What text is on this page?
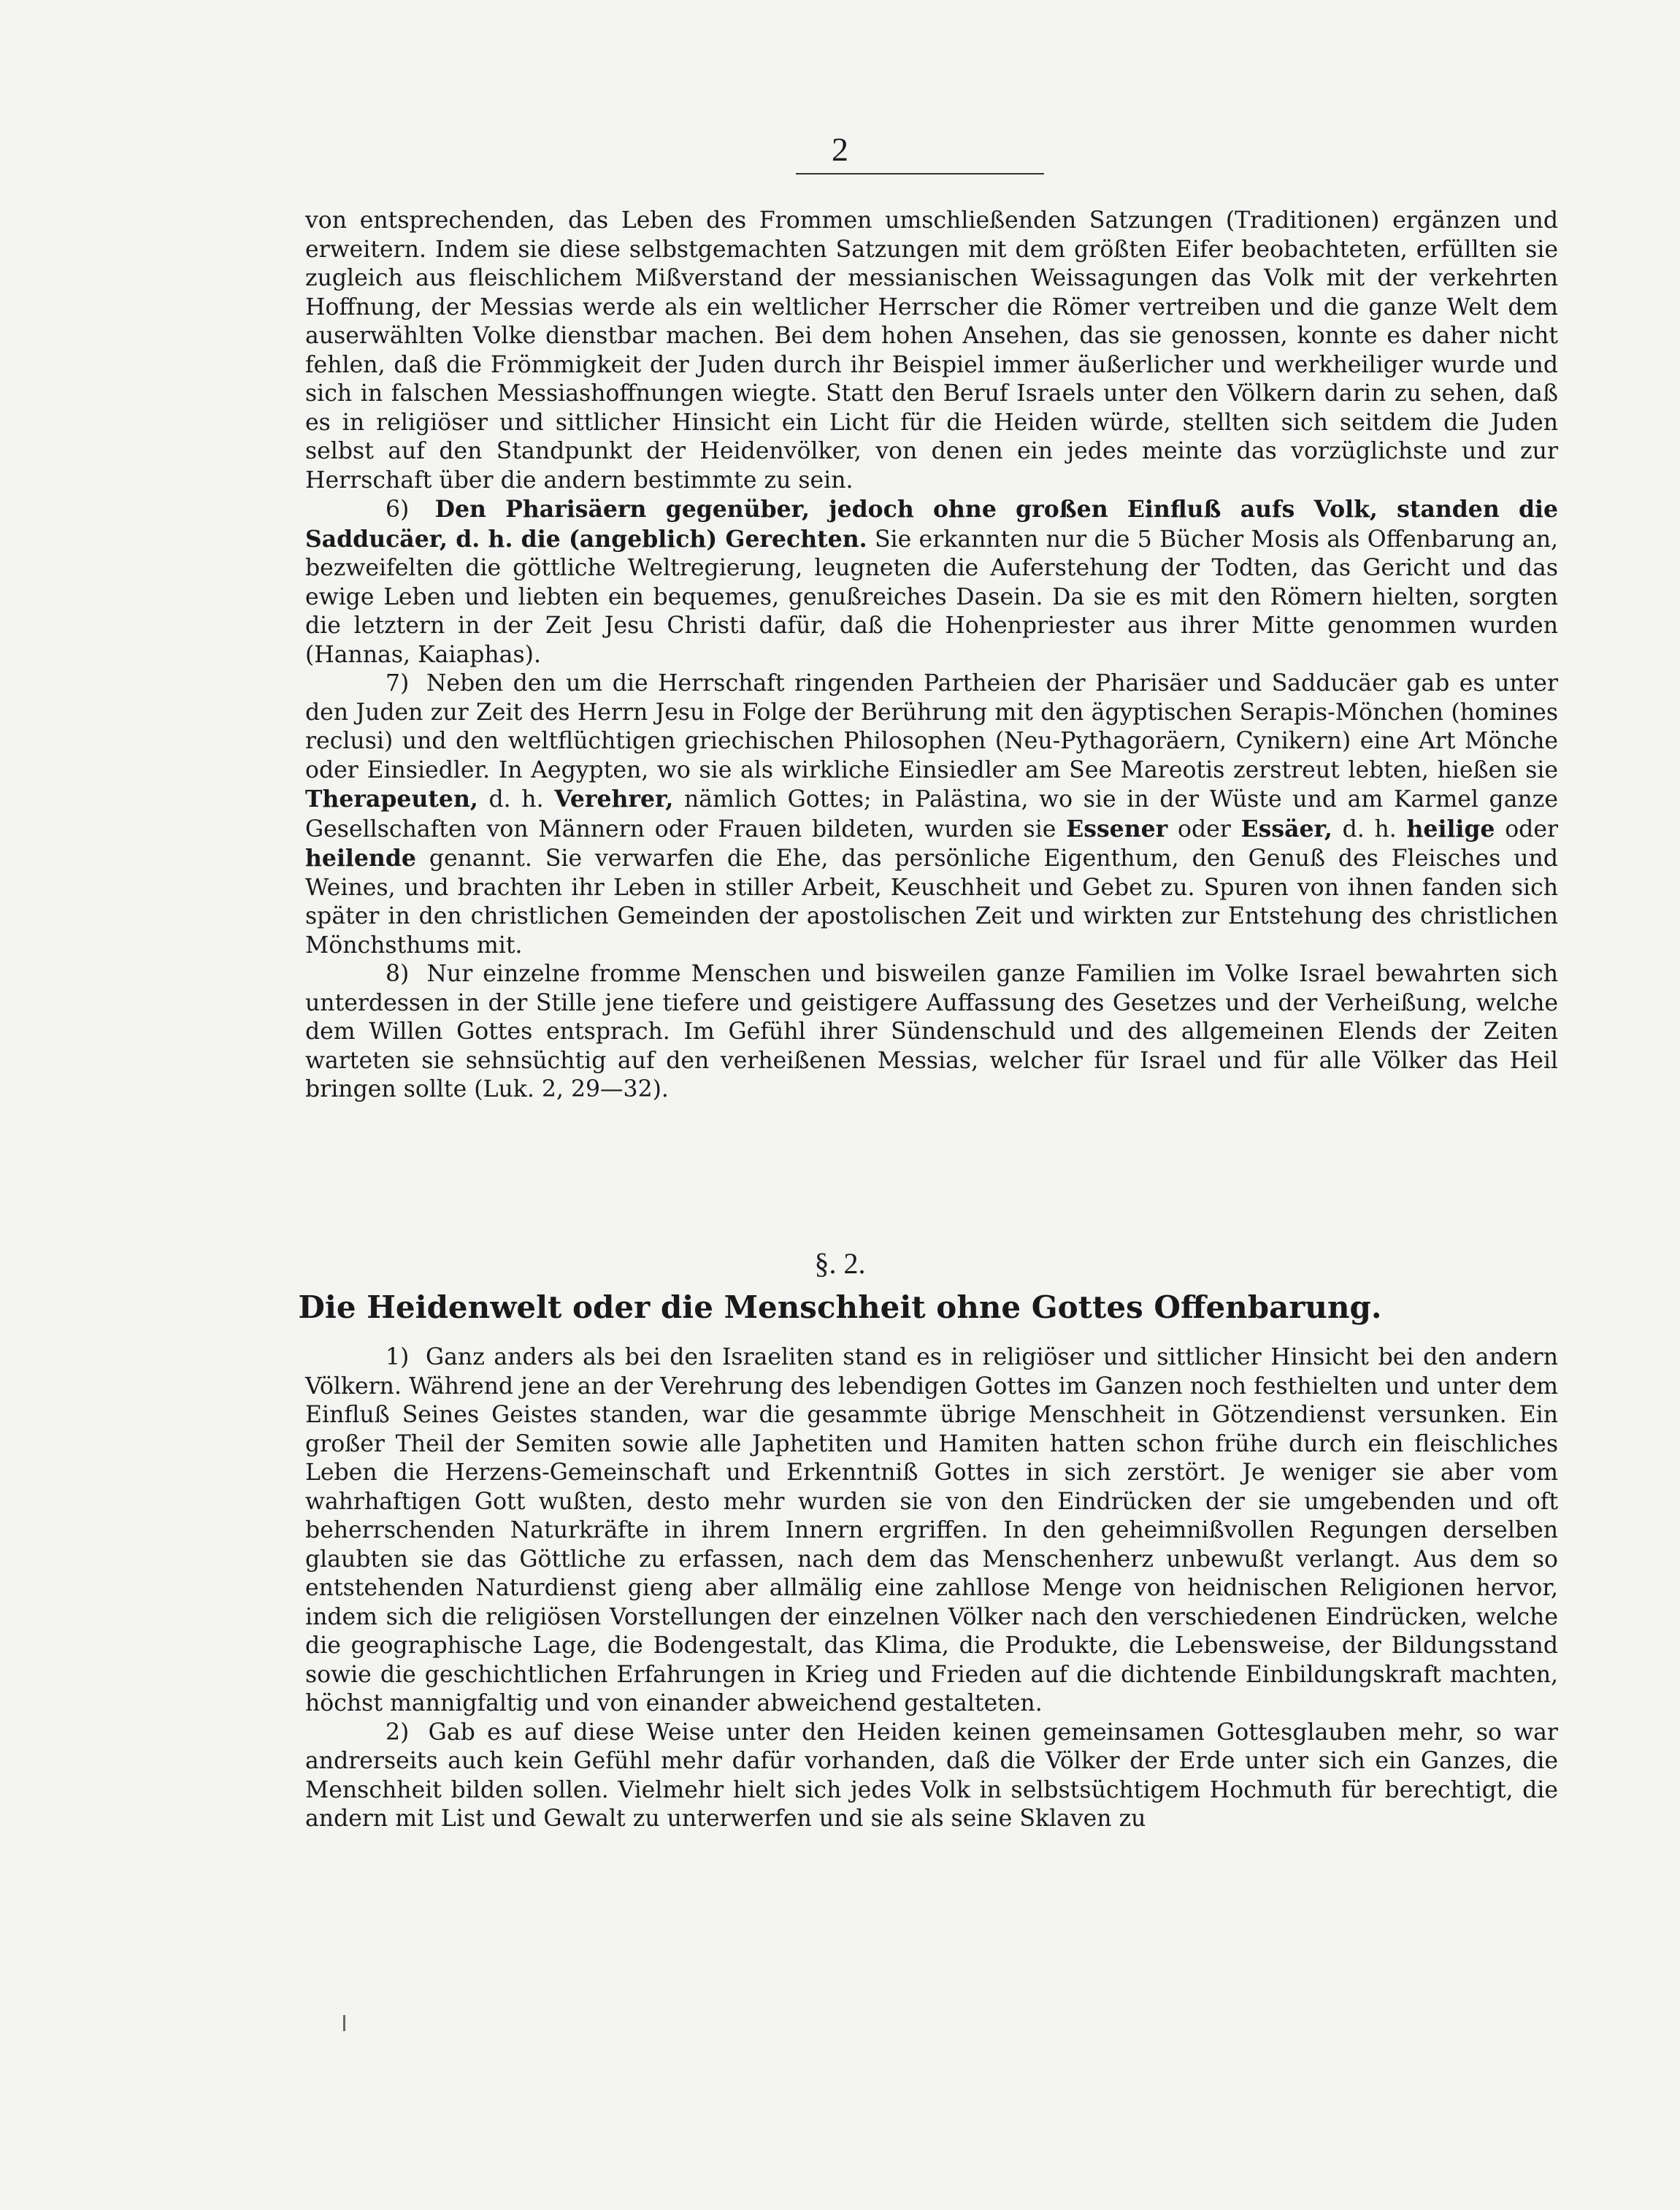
2

von entsprechenden, das Leben des Frommen umschließenden Satzungen (Traditionen) ergänzen und erweitern. Indem sie diese selbstgemachten Satzungen mit dem größten Eifer beobachteten, erfüllten sie zugleich aus fleischlichem Mißverstand der messianischen Weissagungen das Volk mit der verkehrten Hoffnung, der Messias werde als ein weltlicher Herrscher die Römer vertreiben und die ganze Welt dem auserwählten Volke dienstbar machen. Bei dem hohen Ansehen, das sie genossen, konnte es daher nicht fehlen, daß die Frömmigkeit der Juden durch ihr Beispiel immer äußerlicher und werkheiliger wurde und sich in falschen Messiashoffnungen wiegte. Statt den Beruf Israels unter den Völkern darin zu sehen, daß es in religiöser und sittlicher Hinsicht ein Licht für die Heiden würde, stellten sich seitdem die Juden selbst auf den Standpunkt der Heidenvölker, von denen ein jedes meinte das vorzüglichste und zur Herrschaft über die andern bestimmte zu sein.

6) Den Pharisäern gegenüber, jedoch ohne großen Einfluß aufs Volk, standen die Sadducäer, d. h. die (angeblich) Gerechten. Sie erkannten nur die 5 Bücher Mosis als Offenbarung an, bezweifelten die göttliche Weltregierung, leugneten die Auferstehung der Todten, das Gericht und das ewige Leben und liebten ein bequemes, genußreiches Dasein. Da sie es mit den Römern hielten, sorgten die letztern in der Zeit Jesu Christi dafür, daß die Hohenpriester aus ihrer Mitte genommen wurden (Hannas, Kaiaphas).

7) Neben den um die Herrschaft ringenden Partheien der Pharisäer und Sadducäer gab es unter den Juden zur Zeit des Herrn Jesu in Folge der Berührung mit den ägyptischen Serapis-Mönchen (homines reclusi) und den weltflüchtigen griechischen Philosophen (Neu-Pythagoräern, Cynikern) eine Art Mönche oder Einsiedler. In Aegypten, wo sie als wirkliche Einsiedler am See Mareotis zerstreut lebten, hießen sie Therapeuten, d. h. Verehrer, nämlich Gottes; in Palästina, wo sie in der Wüste und am Karmel ganze Gesellschaften von Männern oder Frauen bildeten, wurden sie Essener oder Essäer, d. h. heilige oder heilende genannt. Sie verwarfen die Ehe, das persönliche Eigenthum, den Genuß des Fleisches und Weines, und brachten ihr Leben in stiller Arbeit, Keuschheit und Gebet zu. Spuren von ihnen fanden sich später in den christlichen Gemeinden der apostolischen Zeit und wirkten zur Entstehung des christlichen Mönchsthums mit.

8) Nur einzelne fromme Menschen und bisweilen ganze Familien im Volke Israel bewahrten sich unterdessen in der Stille jene tiefere und geistigere Auffassung des Gesetzes und der Verheißung, welche dem Willen Gottes entsprach. Im Gefühl ihrer Sündenschuld und des allgemeinen Elends der Zeiten warteten sie sehnsüchtig auf den verheißenen Messias, welcher für Israel und für alle Völker das Heil bringen sollte (Luk. 2, 29—32).

§. 2.
Die Heidenwelt oder die Menschheit ohne Gottes Offenbarung.

1) Ganz anders als bei den Israeliten stand es in religiöser und sittlicher Hinsicht bei den andern Völkern. Während jene an der Verehrung des lebendigen Gottes im Ganzen noch festhielten und unter dem Einfluß Seines Geistes standen, war die gesammte übrige Menschheit in Götzendienst versunken. Ein großer Theil der Semiten sowie alle Japhetiten und Hamiten hatten schon frühe durch ein fleischliches Leben die Herzens-Gemeinschaft und Erkenntniß Gottes in sich zerstört. Je weniger sie aber vom wahrhaftigen Gott wußten, desto mehr wurden sie von den Eindrücken der sie umgebenden und oft beherrschenden Naturkräfte in ihrem Innern ergriffen. In den geheimnißvollen Regungen derselben glaubten sie das Göttliche zu erfassen, nach dem das Menschenherz unbewußt verlangt. Aus dem so entstehenden Naturdienst gieng aber allmälig eine zahllose Menge von heidnischen Religionen hervor, indem sich die religiösen Vorstellungen der einzelnen Völker nach den verschiedenen Eindrücken, welche die geographische Lage, die Bodengestalt, das Klima, die Produkte, die Lebensweise, der Bildungsstand sowie die geschichtlichen Erfahrungen in Krieg und Frieden auf die dichtende Einbildungskraft machten, höchst mannigfaltig und von einander abweichend gestalteten.

2) Gab es auf diese Weise unter den Heiden keinen gemeinsamen Gottesglauben mehr, so war andrerseits auch kein Gefühl mehr dafür vorhanden, daß die Völker der Erde unter sich ein Ganzes, die Menschheit bilden sollen. Vielmehr hielt sich jedes Volk in selbstsüchtigem Hochmuth für berechtigt, die andern mit List und Gewalt zu unterwerfen und sie als seine Sklaven zu
